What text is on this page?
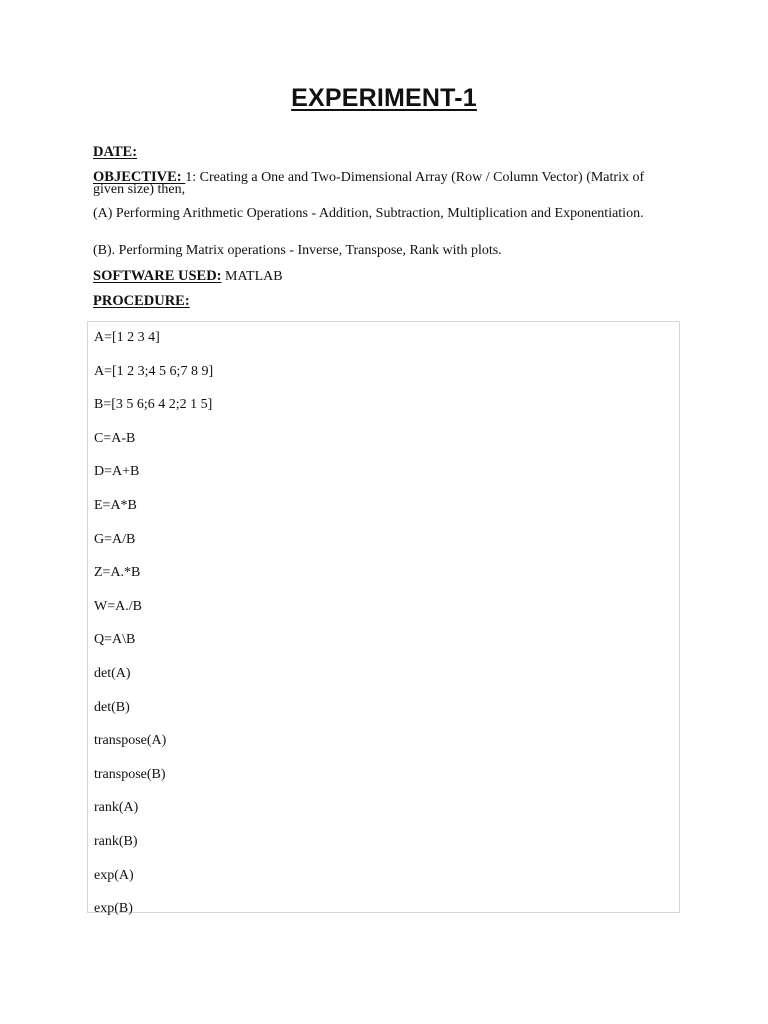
EXPERIMENT-1
DATE:
OBJECTIVE: 1: Creating a One and Two-Dimensional Array (Row / Column Vector) (Matrix of given size) then,
(A) Performing Arithmetic Operations - Addition, Subtraction, Multiplication and Exponentiation.
(B). Performing Matrix operations - Inverse, Transpose, Rank with plots.
SOFTWARE USED: MATLAB
PROCEDURE:
A=[1 2 3 4]
A=[1 2 3;4 5 6;7 8 9]
B=[3 5 6;6 4 2;2 1 5]
C=A-B
D=A+B
E=A*B
G=A/B
Z=A.*B
W=A./B
Q=A\B
det(A)
det(B)
transpose(A)
transpose(B)
rank(A)
rank(B)
exp(A)
exp(B)
